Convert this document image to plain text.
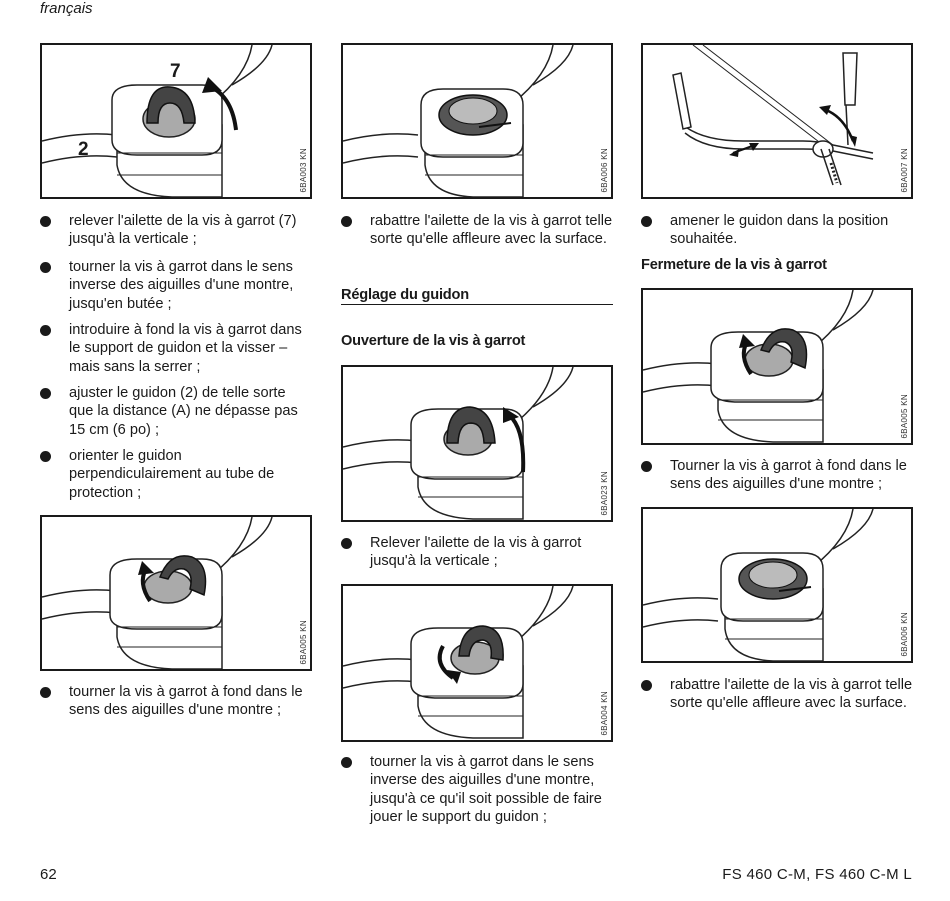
français
7
2	6BA003 KN
relever l'ailette de la vis à garrot (7) jusqu'à la verticale ;
tourner la vis à garrot dans le sens inverse des aiguilles d'une montre, jusqu'en butée ;
introduire à fond la vis à garrot dans le support de guidon et la visser – mais sans la serrer ;
ajuster le guidon (2) de telle sorte que la distance (A) ne dépasse pas 15 cm (6 po) ;
orienter le guidon perpendiculairement au tube de protection ;
6BA005 KN
tourner la vis à garrot à fond dans le sens des aiguilles d'une montre ;
6BA006 KN
rabattre l'ailette de la vis à garrot telle sorte qu'elle affleure avec la surface.
Réglage du guidon
Ouverture de la vis à garrot
6BA023 KN
Relever l'ailette de la vis à garrot jusqu'à la verticale ;
6BA004 KN
tourner la vis à garrot dans le sens inverse des aiguilles d'une montre, jusqu'à ce qu'il soit possible de faire jouer le support du guidon ;
6BA007 KN
amener le guidon dans la position souhaitée.
Fermeture de la vis à garrot
6BA005 KN
Tourner la vis à garrot à fond dans le sens des aiguilles d'une montre ;
6BA006 KN
rabattre l'ailette de la vis à garrot telle sorte qu'elle affleure avec la surface.
62	FS 460 C-M, FS 460 C-M L
